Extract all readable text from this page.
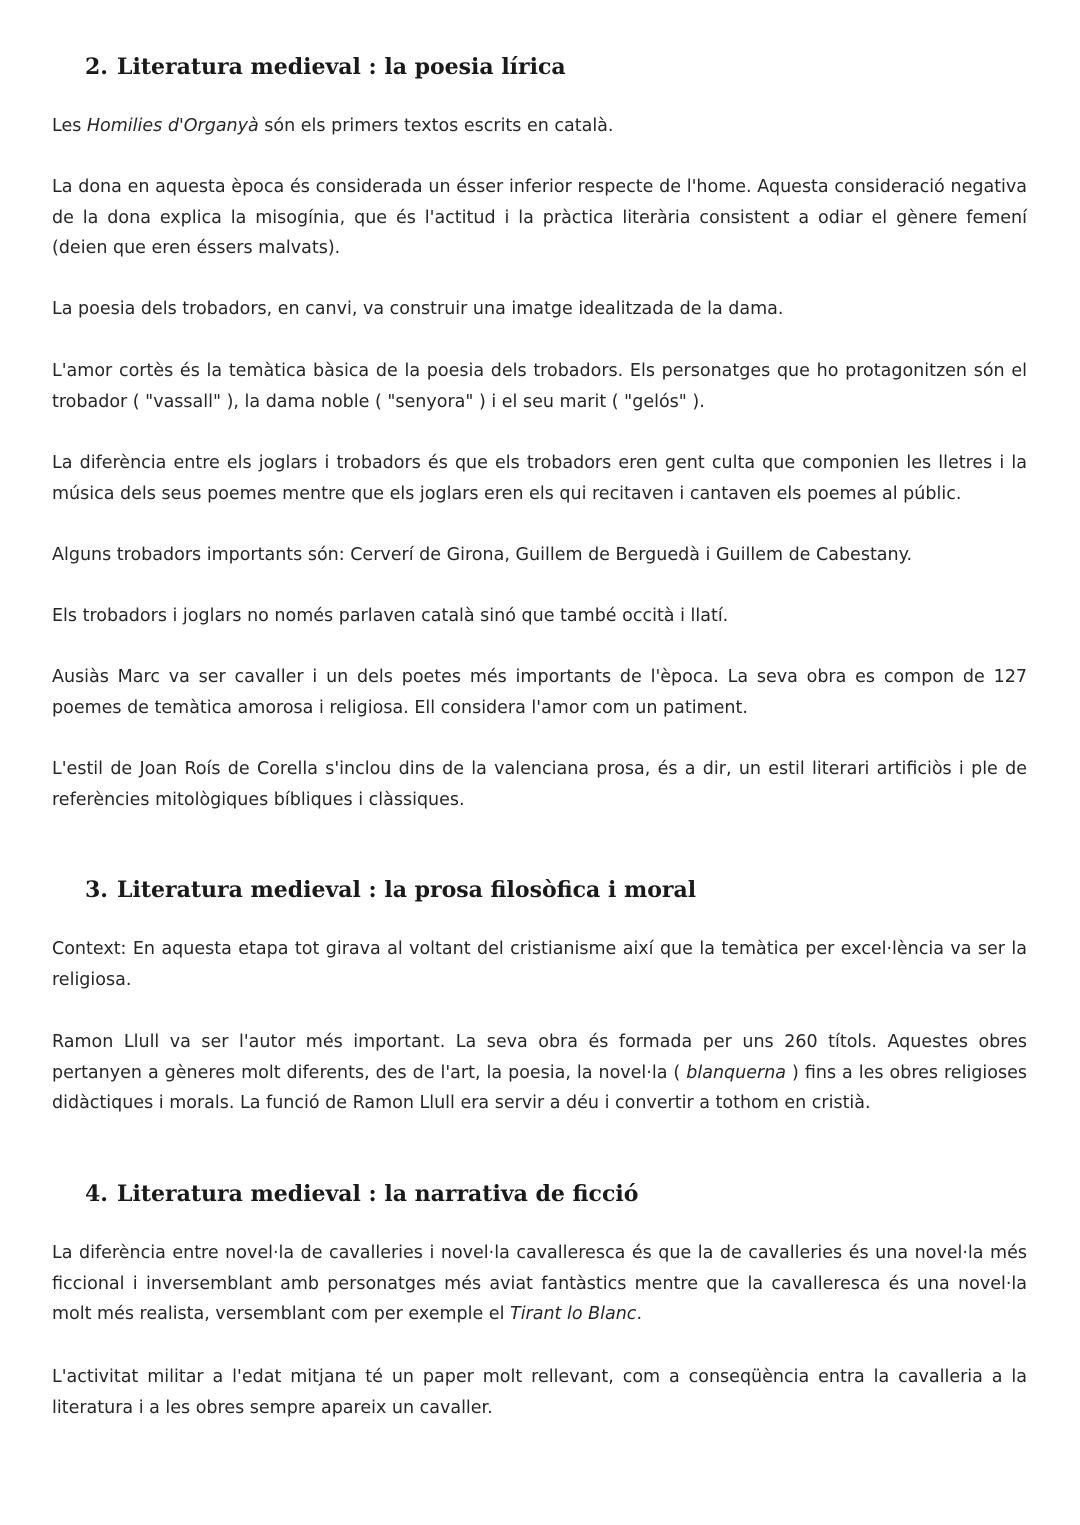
2. Literatura medieval : la poesia lírica

Les Homilies d'Organyà són els primers textos escrits en català.

La dona en aquesta època és considerada un ésser inferior respecte de l'home. Aquesta consideració negativa de la dona explica la misogínia, que és l'actitud i la pràctica literària consistent a odiar el gènere femení (deien que eren éssers malvats).

La poesia dels trobadors, en canvi, va construir una imatge idealitzada de la dama.

L'amor cortès és la temàtica bàsica de la poesia dels trobadors. Els personatges que ho protagonitzen són el trobador ( "vassall" ), la dama noble ( "senyora" ) i el seu marit ( "gelós" ).

La diferència entre els joglars i trobadors és que els trobadors eren gent culta que componien les lletres i la música dels seus poemes mentre que els joglars eren els qui recitaven i cantaven els poemes al públic.

Alguns trobadors importants són: Cerverí de Girona, Guillem de Berguedà i Guillem de Cabestany.

Els trobadors i joglars no només parlaven català sinó que també occità i llatí.

Ausiàs Marc va ser cavaller i un dels poetes més importants de l'època. La seva obra es compon de 127 poemes de temàtica amorosa i religiosa. Ell considera l'amor com un patiment.

L'estil de Joan Roís de Corella s'inclou dins de la valenciana prosa, és a dir, un estil literari artificiòs i ple de referències mitològiques bíbliques i clàssiques.

3. Literatura medieval : la prosa filosòfica i moral

Context: En aquesta etapa tot girava al voltant del cristianisme així que la temàtica per excel·lència va ser la religiosa.

Ramon Llull va ser l'autor més important. La seva obra és formada per uns 260 títols. Aquestes obres pertanyen a gèneres molt diferents, des de l'art, la poesia, la novel·la ( blanquerna ) fins a les obres religioses didàctiques i morals. La funció de Ramon Llull era servir a déu i convertir a tothom en cristià.

4. Literatura medieval : la narrativa de ficció

La diferència entre novel·la de cavalleries i novel·la cavalleresca és que la de cavalleries és una novel·la més ficcional i inversemblant amb personatges més aviat fantàstics mentre que la cavalleresca és una novel·la molt més realista, versemblant com per exemple el Tirant lo Blanc.

L'activitat militar a l'edat mitjana té un paper molt rellevant, com a conseqüència entra la cavalleria a la literatura i a les obres sempre apareix un cavaller.
